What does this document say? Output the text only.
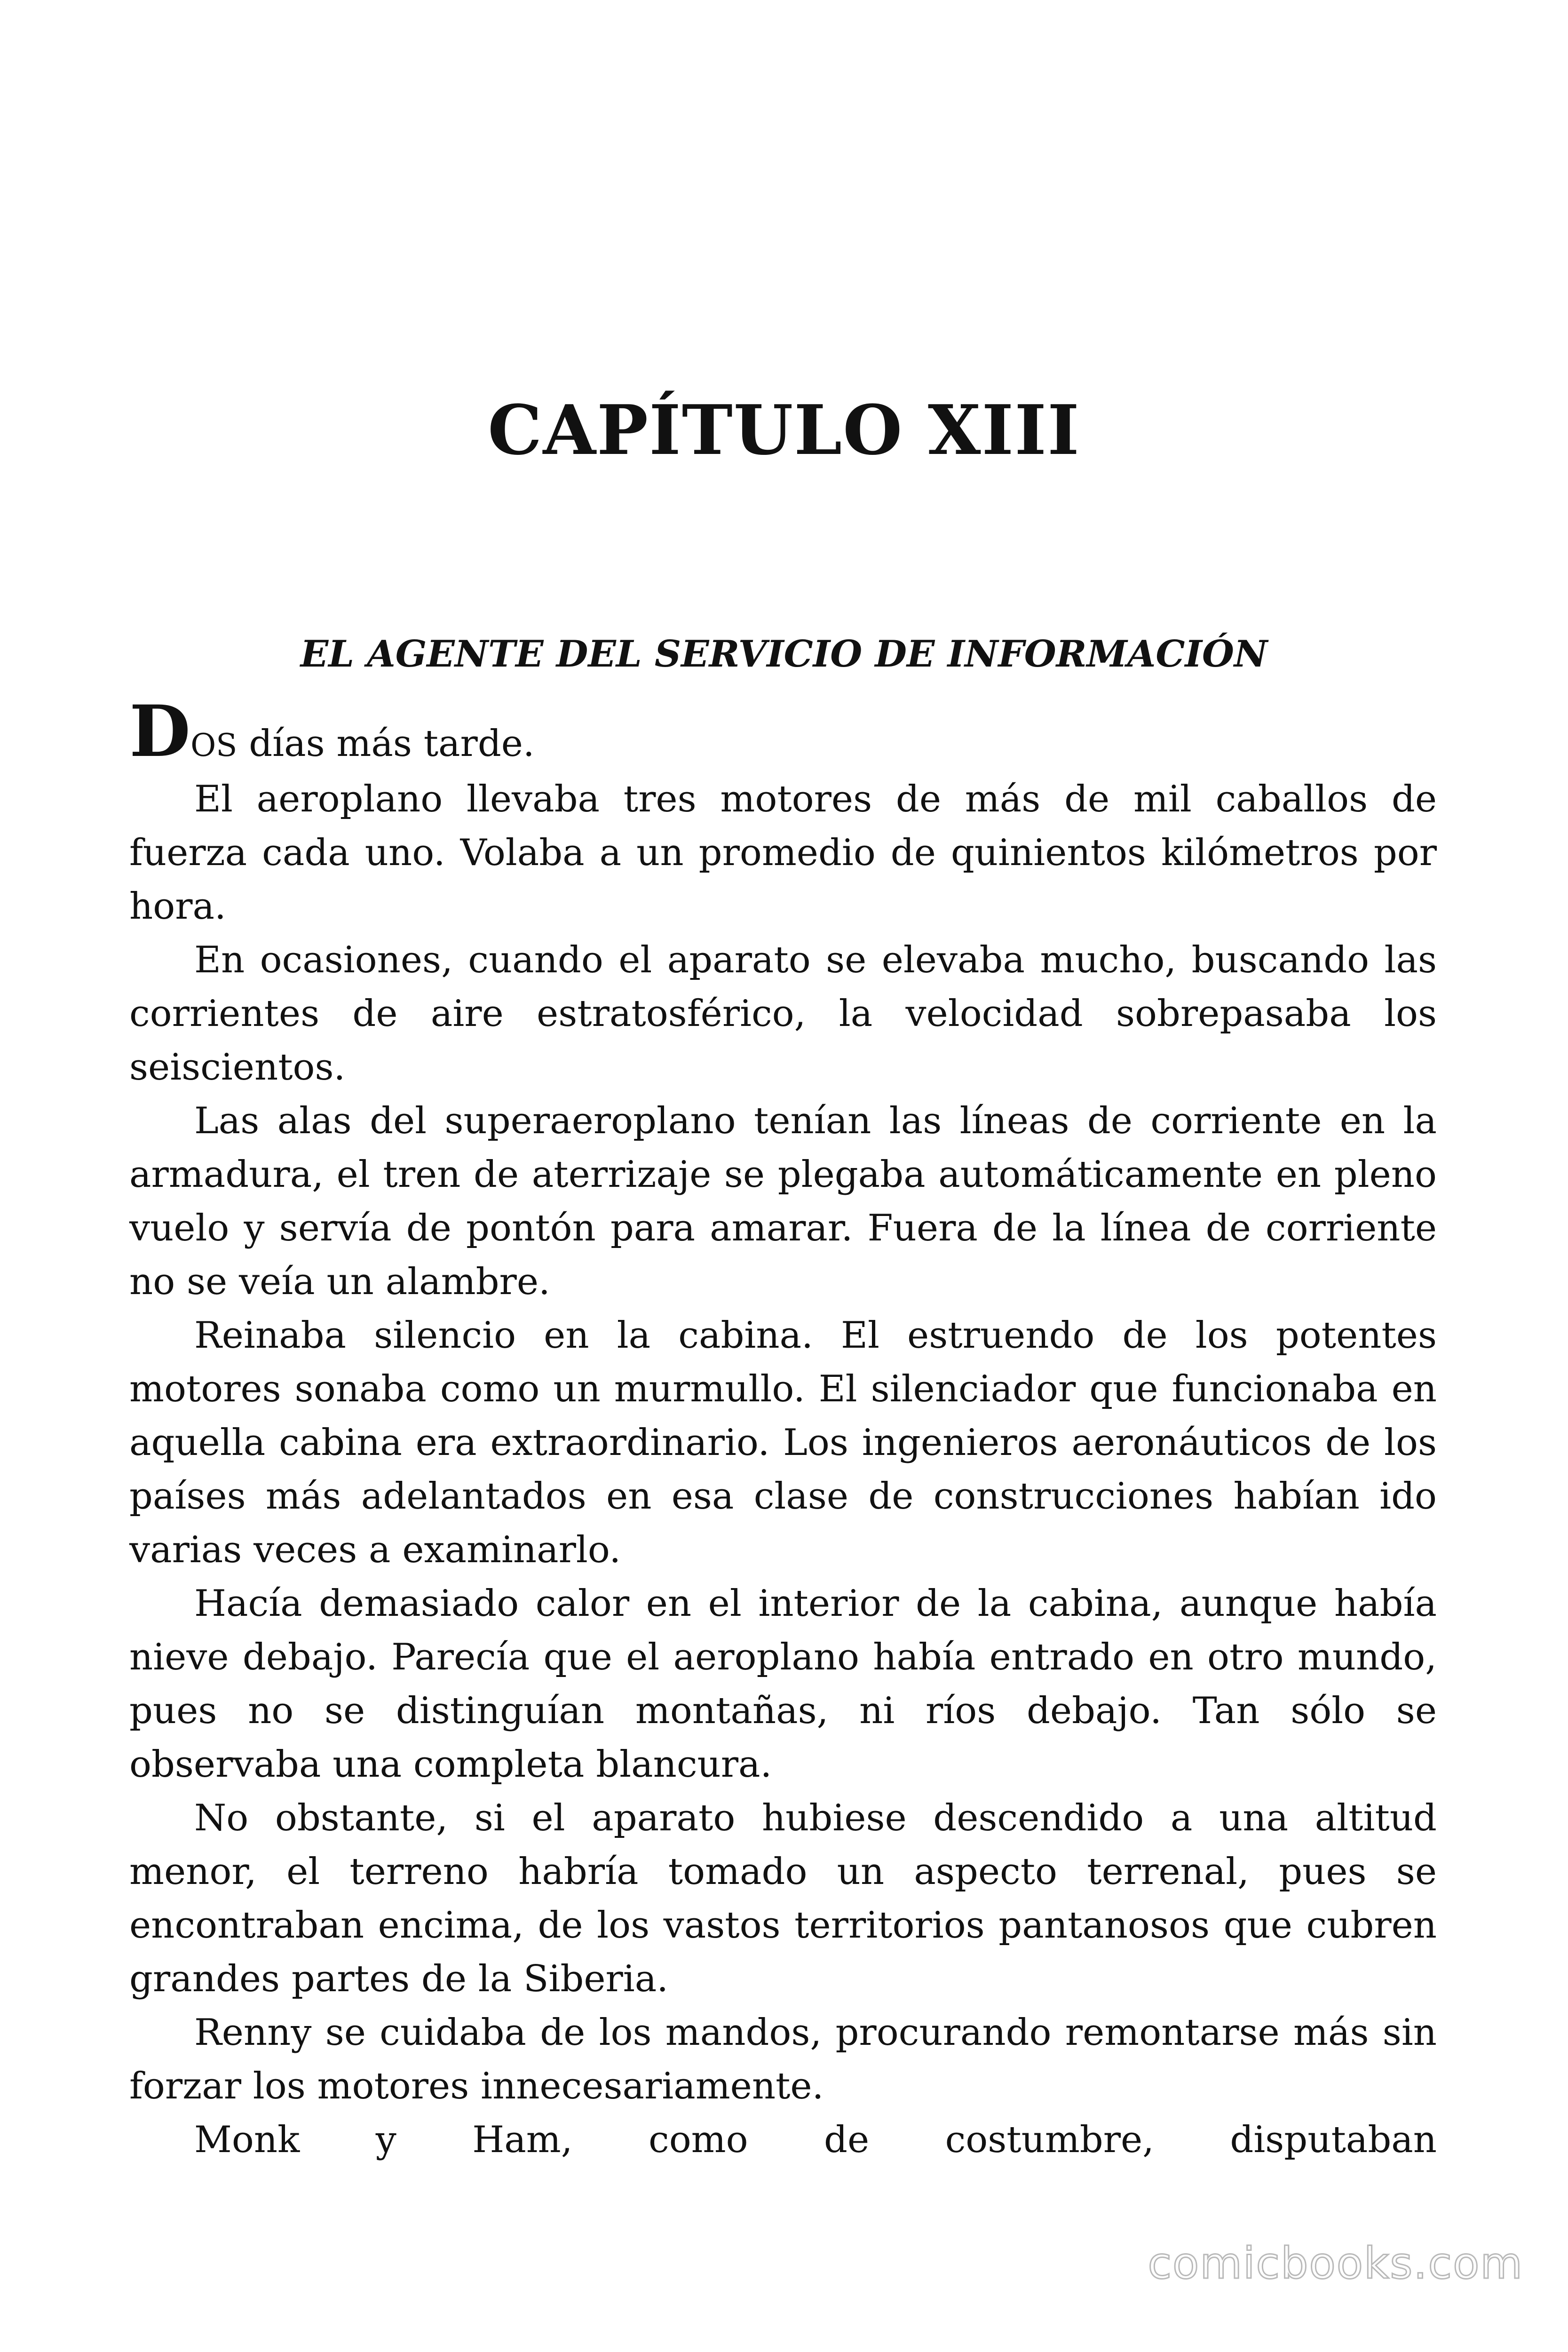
CAPÍTULO XIII
EL AGENTE DEL SERVICIO DE INFORMACIÓN

DOS días más tarde.

El aeroplano llevaba tres motores de más de mil caballos de fuerza cada uno. Volaba a un promedio de quinientos kilómetros por hora.

En ocasiones, cuando el aparato se elevaba mucho, buscando las corrientes de aire estratosférico, la velocidad sobrepasaba los seiscientos.

Las alas del superaeroplano tenían las líneas de corriente en la armadura, el tren de aterrizaje se plegaba automáticamente en pleno vuelo y servía de pontón para amarar. Fuera de la línea de corriente no se veía un alambre.

Reinaba silencio en la cabina. El estruendo de los potentes motores sonaba como un murmullo. El silenciador que funcionaba en aquella cabina era extraordinario. Los ingenieros aeronáuticos de los países más adelantados en esa clase de construcciones habían ido varias veces a examinarlo.

Hacía demasiado calor en el interior de la cabina, aunque había nieve debajo. Parecía que el aeroplano había entrado en otro mundo, pues no se distinguían montañas, ni ríos debajo. Tan sólo se observaba una completa blancura.

No obstante, si el aparato hubiese descendido a una altitud menor, el terreno habría tomado un aspecto terrenal, pues se encontraban encima, de los vastos territorios pantanosos que cubren grandes partes de la Siberia.

Renny se cuidaba de los mandos, procurando remontarse más sin forzar los motores innecesariamente.

Monk y Ham, como de costumbre, disputaban

comicbooks.com
